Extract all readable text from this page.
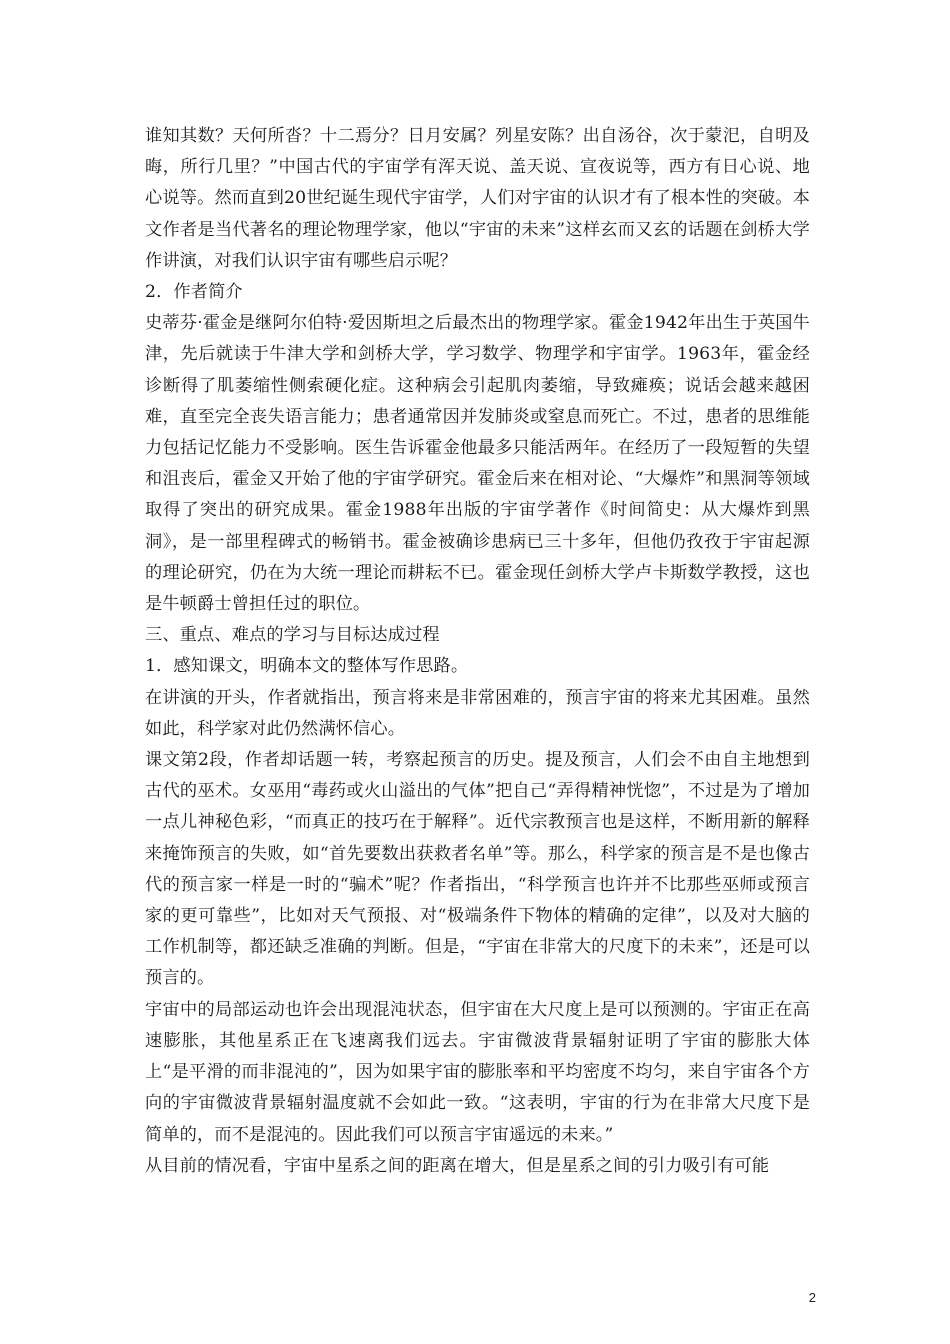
谁知其数？天何所沓？十二焉分？日月安属？列星安陈？出自汤谷，次于蒙汜，自明及晦，所行几里？”中国古代的宇宙学有浑天说、盖天说、宣夜说等，西方有日心说、地心说等。然而直到20世纪诞生现代宇宙学，人们对宇宙的认识才有了根本性的突破。本文作者是当代著名的理论物理学家，他以“宇宙的未来”这样玄而又玄的话题在剑桥大学作讲演，对我们认识宇宙有哪些启示呢？

2．作者简介

史蒂芬·霍金是继阿尔伯特·爱因斯坦之后最杰出的物理学家。霍金1942年出生于英国牛津，先后就读于牛津大学和剑桥大学，学习数学、物理学和宇宙学。1963年，霍金经诊断得了肌萎缩性侧索硬化症。这种病会引起肌肉萎缩，导致瘫痪；说话会越来越困难，直至完全丧失语言能力；患者通常因并发肺炎或窒息而死亡。不过，患者的思维能力包括记忆能力不受影响。医生告诉霍金他最多只能活两年。在经历了一段短暂的失望和沮丧后，霍金又开始了他的宇宙学研究。霍金后来在相对论、“大爆炸”和黑洞等领域取得了突出的研究成果。霍金1988年出版的宇宙学著作《时间简史：从大爆炸到黑洞》，是一部里程碑式的畅销书。霍金被确诊患病已三十多年，但他仍孜孜于宇宙起源的理论研究，仍在为大统一理论而耕耘不已。霍金现任剑桥大学卢卡斯数学教授，这也是牛顿爵士曾担任过的职位。

三、重点、难点的学习与目标达成过程

1．感知课文，明确本文的整体写作思路。

在讲演的开头，作者就指出，预言将来是非常困难的，预言宇宙的将来尤其困难。虽然如此，科学家对此仍然满怀信心。

课文第2段，作者却话题一转，考察起预言的历史。提及预言，人们会不由自主地想到古代的巫术。女巫用“毒药或火山溢出的气体”把自己“弄得精神恍惚”，不过是为了增加一点儿神秘色彩，“而真正的技巧在于解释”。近代宗教预言也是这样，不断用新的解释来掩饰预言的失败，如“首先要数出获救者名单”等。那么，科学家的预言是不是也像古代的预言家一样是一时的“骗术”呢？作者指出，“科学预言也许并不比那些巫师或预言家的更可靠些”，比如对天气预报、对“极端条件下物体的精确的定律”，以及对大脑的工作机制等，都还缺乏准确的判断。但是，“宇宙在非常大的尺度下的未来”，还是可以预言的。

宇宙中的局部运动也许会出现混沌状态，但宇宙在大尺度上是可以预测的。宇宙正在高速膨胀，其他星系正在飞速离我们远去。宇宙微波背景辐射证明了宇宙的膨胀大体上“是平滑的而非混沌的”，因为如果宇宙的膨胀率和平均密度不均匀，来自宇宙各个方向的宇宙微波背景辐射温度就不会如此一致。“这表明，宇宙的行为在非常大尺度下是简单的，而不是混沌的。因此我们可以预言宇宙遥远的未来。”

从目前的情况看，宇宙中星系之间的距离在增大，但是星系之间的引力吸引有可能

2
